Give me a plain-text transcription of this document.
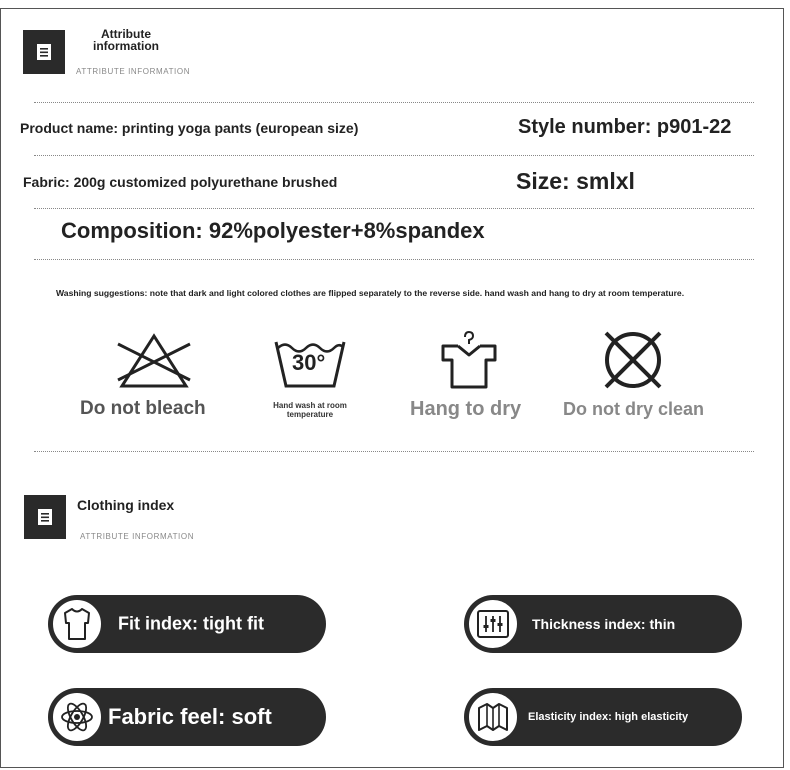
Attribute
information
ATTRIBUTE INFORMATION
Product name: printing yoga pants (european size)	Style number: p901-22
Fabric: 200g customized polyurethane brushed	Size: smlxl
Composition: 92%polyester+8%spandex
Washing suggestions: note that dark and light colored clothes are flipped separately to the reverse side. hand wash and hang to dry at room temperature.
Do not bleach
30°
Hand wash at room temperature	Hang to dry Do not dry clean
Clothing index
ATTRIBUTE INFORMATION
Fit index: tight fit	Thickness index: thin
Fabric feel: soft	Elasticity index: high elasticity
